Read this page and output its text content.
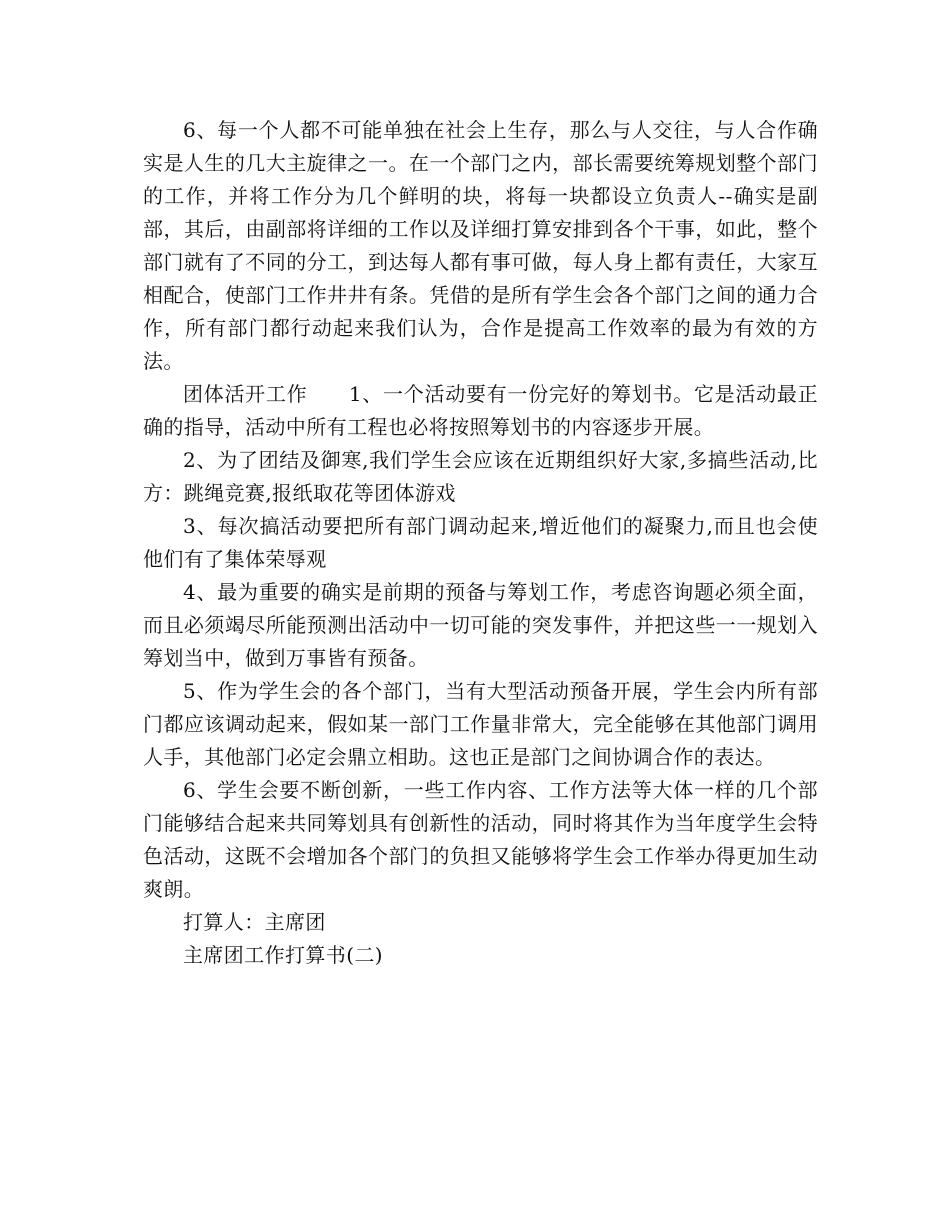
6、每一个人都不可能单独在社会上生存，那么与人交往，与人合作确实是人生的几大主旋律之一。在一个部门之内，部长需要统筹规划整个部门的工作，并将工作分为几个鲜明的块，将每一块都设立负责人--确实是副部，其后，由副部将详细的工作以及详细打算安排到各个干事，如此，整个部门就有了不同的分工，到达每人都有事可做，每人身上都有责任，大家互相配合，使部门工作井井有条。凭借的是所有学生会各个部门之间的通力合作，所有部门都行动起来我们认为，合作是提高工作效率的最为有效的方法。

团体活开工作　　1、一个活动要有一份完好的筹划书。它是活动最正确的指导，活动中所有工程也必将按照筹划书的内容逐步开展。

2、为了团结及御寒,我们学生会应该在近期组织好大家,多搞些活动,比方：跳绳竞赛,报纸取花等团体游戏

3、每次搞活动要把所有部门调动起来,增近他们的凝聚力,而且也会使他们有了集体荣辱观

4、最为重要的确实是前期的预备与筹划工作，考虑咨询题必须全面，而且必须竭尽所能预测出活动中一切可能的突发事件，并把这些一一规划入筹划当中，做到万事皆有预备。

5、作为学生会的各个部门，当有大型活动预备开展，学生会内所有部门都应该调动起来，假如某一部门工作量非常大，完全能够在其他部门调用人手，其他部门必定会鼎立相助。这也正是部门之间协调合作的表达。

6、学生会要不断创新，一些工作内容、工作方法等大体一样的几个部门能够结合起来共同筹划具有创新性的活动，同时将其作为当年度学生会特色活动，这既不会增加各个部门的负担又能够将学生会工作举办得更加生动爽朗。

打算人：主席团

主席团工作打算书(二)
